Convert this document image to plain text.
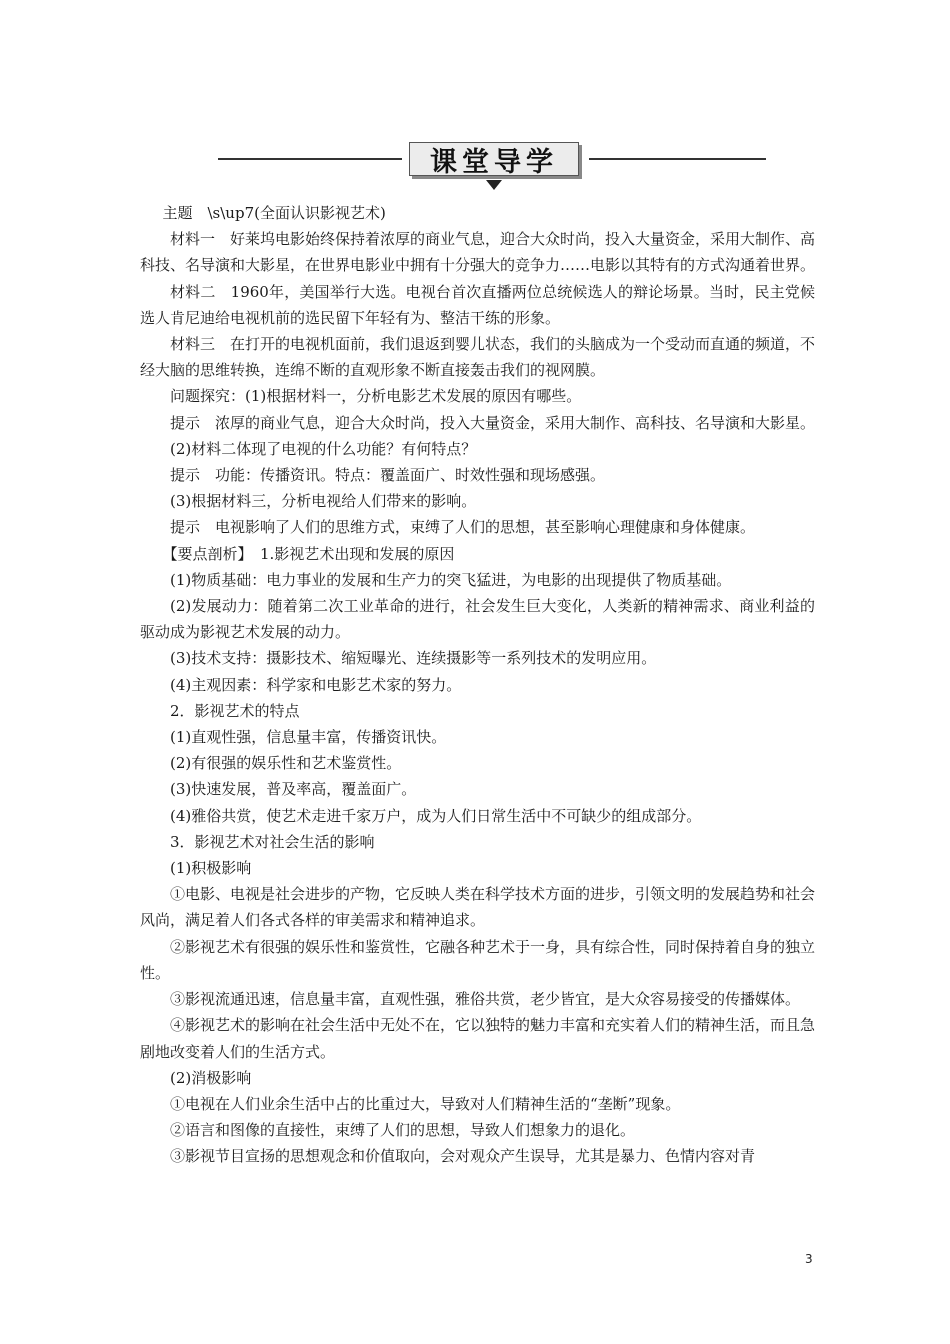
课堂导学

主题　\s\up7(全面认识影视艺术)

材料一　好莱坞电影始终保持着浓厚的商业气息，迎合大众时尚，投入大量资金，采用大制作、高科技、名导演和大影星，在世界电影业中拥有十分强大的竞争力……电影以其特有的方式沟通着世界。

材料二　1960年，美国举行大选。电视台首次直播两位总统候选人的辩论场景。当时，民主党候选人肯尼迪给电视机前的选民留下年轻有为、整洁干练的形象。

材料三　在打开的电视机面前，我们退返到婴儿状态，我们的头脑成为一个受动而直通的频道，不经大脑的思维转换，连绵不断的直观形象不断直接轰击我们的视网膜。

问题探究：(1)根据材料一，分析电影艺术发展的原因有哪些。

提示　浓厚的商业气息，迎合大众时尚，投入大量资金，采用大制作、高科技、名导演和大影星。

(2)材料二体现了电视的什么功能？有何特点？

提示　功能：传播资讯。特点：覆盖面广、时效性强和现场感强。

(3)根据材料三，分析电视给人们带来的影响。

提示　电视影响了人们的思维方式，束缚了人们的思想，甚至影响心理健康和身体健康。

【要点剖析】　1.影视艺术出现和发展的原因

(1)物质基础：电力事业的发展和生产力的突飞猛进，为电影的出现提供了物质基础。

(2)发展动力：随着第二次工业革命的进行，社会发生巨大变化，人类新的精神需求、商业利益的驱动成为影视艺术发展的动力。

(3)技术支持：摄影技术、缩短曝光、连续摄影等一系列技术的发明应用。

(4)主观因素：科学家和电影艺术家的努力。

2．影视艺术的特点

(1)直观性强，信息量丰富，传播资讯快。

(2)有很强的娱乐性和艺术鉴赏性。

(3)快速发展，普及率高，覆盖面广。

(4)雅俗共赏，使艺术走进千家万户，成为人们日常生活中不可缺少的组成部分。

3．影视艺术对社会生活的影响

(1)积极影响

①电影、电视是社会进步的产物，它反映人类在科学技术方面的进步，引领文明的发展趋势和社会风尚，满足着人们各式各样的审美需求和精神追求。

②影视艺术有很强的娱乐性和鉴赏性，它融各种艺术于一身，具有综合性，同时保持着自身的独立性。

③影视流通迅速，信息量丰富，直观性强，雅俗共赏，老少皆宜，是大众容易接受的传播媒体。

④影视艺术的影响在社会生活中无处不在，它以独特的魅力丰富和充实着人们的精神生活，而且急剧地改变着人们的生活方式。

(2)消极影响

①电视在人们业余生活中占的比重过大，导致对人们精神生活的“垄断”现象。

②语言和图像的直接性，束缚了人们的思想，导致人们想象力的退化。

③影视节目宣扬的思想观念和价值取向，会对观众产生误导，尤其是暴力、色情内容对青

3
